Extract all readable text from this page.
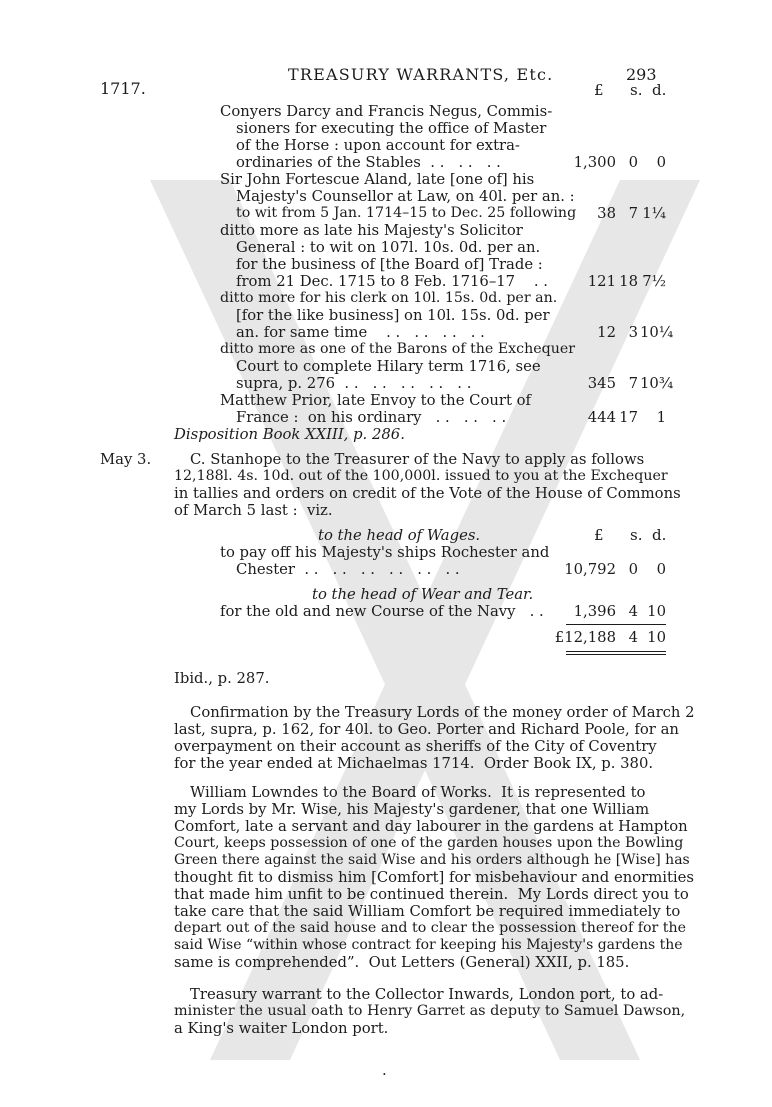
1717.
TREASURY WARRANTS, Etc.	293
£ s. d.
Conyers Darcy and Francis Negus, Commis-
sioners for executing the office of Master
of the Horse : upon account for extra-
ordinaries of the Stables  . .   . .   . .	1,300 0	0
Sir John Fortescue Aland, late [one of] his
Majesty's Counsellor at Law, on 40l. per an. :
to wit from 5 Jan. 1714–15 to Dec. 25 following	38 7 1¼
ditto more as late his Majesty's Solicitor
General : to wit on 107l. 10s. 0d. per an.
for the business of [the Board of] Trade :
from 21 Dec. 1715 to 8 Feb. 1716–17    . .	121 18 7½
ditto more for his clerk on 10l. 15s. 0d. per an.
[for the like business] on 10l. 15s. 0d. per
an. for same time    . .   . .   . .   . .	12 3 10¼
ditto more as one of the Barons of the Exchequer
Court to complete Hilary term 1716, see
supra, p. 276  . .   . .   . .   . .   . .	345 7 10¾
Matthew Prior, late Envoy to the Court of
France :  on his ordinary   . .   . .   . .	444 17	1
Disposition Book XXIII, p. 286.
May 3.	C. Stanhope to the Treasurer of the Navy to apply as follows
12,188l. 4s. 10d. out of the 100,000l. issued to you at the Exchequer
in tallies and orders on credit of the Vote of the House of Commons
of March 5 last :  viz.
to the head of Wages.	£ s. d.
to pay off his Majesty's ships Rochester and
Chester  . .   . .   . .   . .   . .   . .	10,792 0	0
to the head of Wear and Tear.
for the old and new Course of the Navy   . .	1,396 4 10
£12,188 4 10
Ibid., p. 287.
Confirmation by the Treasury Lords of the money order of March 2
last, supra, p. 162, for 40l. to Geo. Porter and Richard Poole, for an
overpayment on their account as sheriffs of the City of Coventry
for the year ended at Michaelmas 1714.  Order Book IX, p. 380.
William Lowndes to the Board of Works.  It is represented to
my Lords by Mr. Wise, his Majesty's gardener, that one William
Comfort, late a servant and day labourer in the gardens at Hampton
Court, keeps possession of one of the garden houses upon the Bowling
Green there against the said Wise and his orders although he [Wise] has
thought fit to dismiss him [Comfort] for misbehaviour and enormities
that made him unfit to be continued therein.  My Lords direct you to
take care that the said William Comfort be required immediately to
depart out of the said house and to clear the possession thereof for the
said Wise “within whose contract for keeping his Majesty's gardens the
same is comprehended”.  Out Letters (General) XXII, p. 185.
Treasury warrant to the Collector Inwards, London port, to ad-
minister the usual oath to Henry Garret as deputy to Samuel Dawson,
a King's waiter London port.
.
